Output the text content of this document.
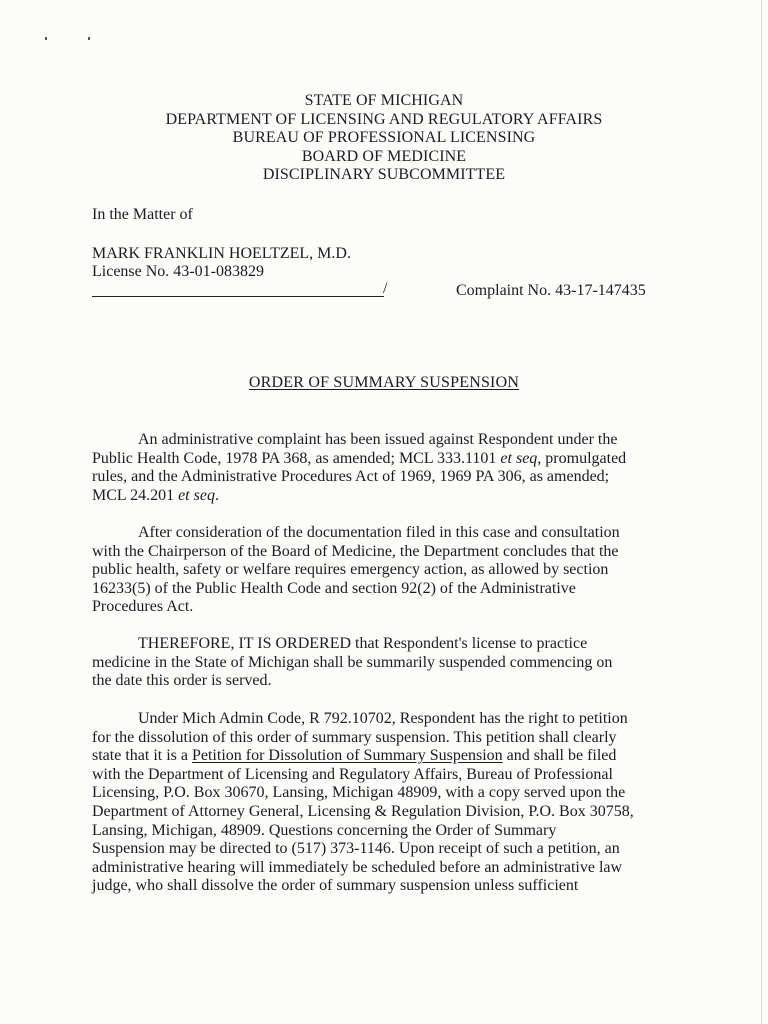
STATE OF MICHIGAN
DEPARTMENT OF LICENSING AND REGULATORY AFFAIRS
BUREAU OF PROFESSIONAL LICENSING
BOARD OF MEDICINE
DISCIPLINARY SUBCOMMITTEE
In the Matter of
MARK FRANKLIN HOELTZEL, M.D.
License No. 43-01-083829
/	Complaint No. 43-17-147435
ORDER OF SUMMARY SUSPENSION
An administrative complaint has been issued against Respondent under the
Public Health Code, 1978 PA 368, as amended; MCL 333.1101 et seq, promulgated
rules, and the Administrative Procedures Act of 1969, 1969 PA 306, as amended;
MCL 24.201 et seq.
After consideration of the documentation filed in this case and consultation
with the Chairperson of the Board of Medicine, the Department concludes that the
public health, safety or welfare requires emergency action, as allowed by section
16233(5) of the Public Health Code and section 92(2) of the Administrative
Procedures Act.
THEREFORE, IT IS ORDERED that Respondent's license to practice
medicine in the State of Michigan shall be summarily suspended commencing on
the date this order is served.
Under Mich Admin Code, R 792.10702, Respondent has the right to petition
for the dissolution of this order of summary suspension. This petition shall clearly
state that it is a Petition for Dissolution of Summary Suspension and shall be filed
with the Department of Licensing and Regulatory Affairs, Bureau of Professional
Licensing, P.O. Box 30670, Lansing, Michigan 48909, with a copy served upon the
Department of Attorney General, Licensing & Regulation Division, P.O. Box 30758,
Lansing, Michigan, 48909. Questions concerning the Order of Summary
Suspension may be directed to (517) 373-1146. Upon receipt of such a petition, an
administrative hearing will immediately be scheduled before an administrative law
judge, who shall dissolve the order of summary suspension unless sufficient
